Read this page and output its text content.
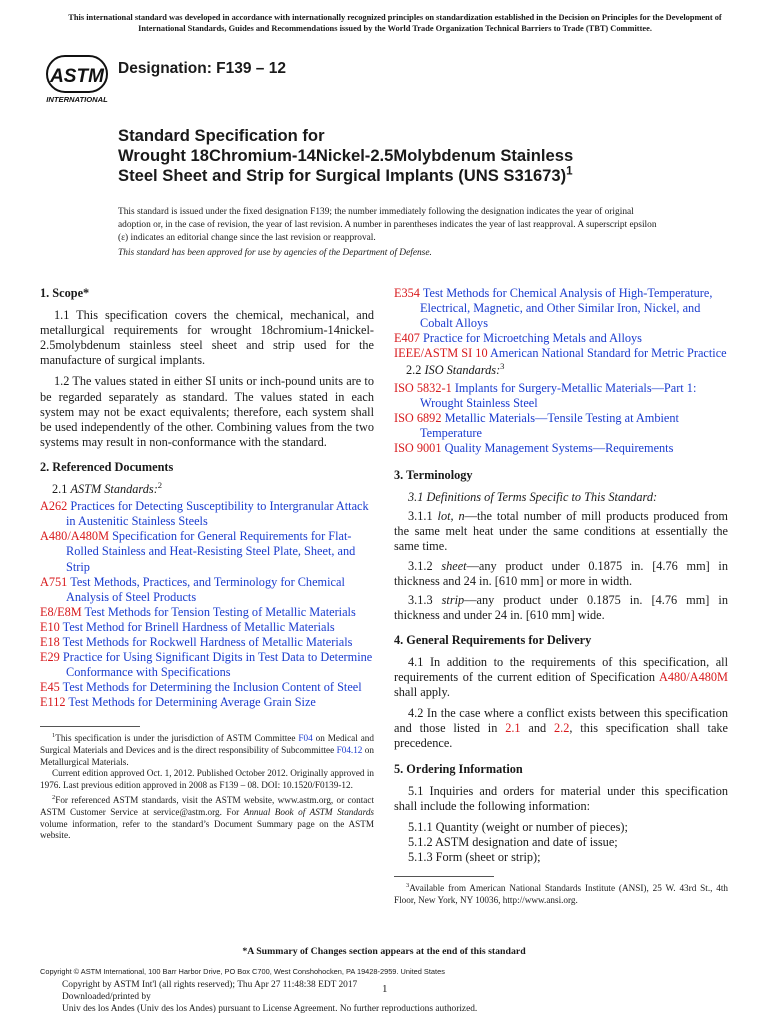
This international standard was developed in accordance with internationally recognized principles on standardization established in the Decision on Principles for the Development of International Standards, Guides and Recommendations issued by the World Trade Organization Technical Barriers to Trade (TBT) Committee.
ASTM
INTERNATIONAL
Designation: F139 – 12
Standard Specification for
Wrought 18Chromium-14Nickel-2.5Molybdenum Stainless
Steel Sheet and Strip for Surgical Implants (UNS S31673)$^1$
This standard is issued under the fixed designation F139; the number immediately following the designation indicates the year of original adoption or, in the case of revision, the year of last revision. A number in parentheses indicates the year of last reapproval. A superscript epsilon (ε) indicates an editorial change since the last revision or reapproval.
This standard has been approved for use by agencies of the Department of Defense.
1. Scope*

1.1 This specification covers the chemical, mechanical, and metallurgical requirements for wrought 18chromium-14nickel-2.5molybdenum stainless steel sheet and strip used for the manufacture of surgical implants.

1.2 The values stated in either SI units or inch-pound units are to be regarded separately as standard. The values stated in each system may not be exact equivalents; therefore, each system shall be used independently of the other. Combining values from the two systems may result in non-conformance with the standard.

2. Referenced Documents

2.1 ASTM Standards:$^2$

A262 Practices for Detecting Susceptibility to Intergranular Attack in Austenitic Stainless Steels

A480/A480M Specification for General Requirements for Flat-Rolled Stainless and Heat-Resisting Steel Plate, Sheet, and Strip

A751 Test Methods, Practices, and Terminology for Chemical Analysis of Steel Products

E8/E8M Test Methods for Tension Testing of Metallic Materials

E10 Test Method for Brinell Hardness of Metallic Materials

E18 Test Methods for Rockwell Hardness of Metallic Materials

E29 Practice for Using Significant Digits in Test Data to Determine Conformance with Specifications

E45 Test Methods for Determining the Inclusion Content of Steel

E112 Test Methods for Determining Average Grain Size

$^1$This specification is under the jurisdiction of ASTM Committee F04 on Medical and Surgical Materials and Devices and is the direct responsibility of Subcommittee F04.12 on Metallurgical Materials.

Current edition approved Oct. 1, 2012. Published October 2012. Originally approved in 1976. Last previous edition approved in 2008 as F139 – 08. DOI: 10.1520/F0139-12.

$^2$For referenced ASTM standards, visit the ASTM website, www.astm.org, or contact ASTM Customer Service at service@astm.org. For Annual Book of ASTM Standards volume information, refer to the standard’s Document Summary page on the ASTM website.

E354 Test Methods for Chemical Analysis of High-Temperature, Electrical, Magnetic, and Other Similar Iron, Nickel, and Cobalt Alloys

E407 Practice for Microetching Metals and Alloys

IEEE/ASTM SI 10 American National Standard for Metric Practice

2.2 ISO Standards:$^3$

ISO 5832-1 Implants for Surgery-Metallic Materials—Part 1: Wrought Stainless Steel

ISO 6892 Metallic Materials—Tensile Testing at Ambient Temperature

ISO 9001 Quality Management Systems—Requirements

3. Terminology

3.1 Definitions of Terms Specific to This Standard:

3.1.1 lot, n—the total number of mill products produced from the same melt heat under the same conditions at essentially the same time.

3.1.2 sheet—any product under 0.1875 in. [4.76 mm] in thickness and 24 in. [610 mm] or more in width.

3.1.3 strip—any product under 0.1875 in. [4.76 mm] in thickness and under 24 in. [610 mm] wide.

4. General Requirements for Delivery

4.1 In addition to the requirements of this specification, all requirements of the current edition of Specification A480/A480M shall apply.

4.2 In the case where a conflict exists between this specification and those listed in 2.1 and 2.2, this specification shall take precedence.

5. Ordering Information

5.1 Inquiries and orders for material under this specification shall include the following information:

5.1.1 Quantity (weight or number of pieces);

5.1.2 ASTM designation and date of issue;

5.1.3 Form (sheet or strip);

$^3$Available from American National Standards Institute (ANSI), 25 W. 43rd St., 4th Floor, New York, NY 10036, http://www.ansi.org.

*A Summary of Changes section appears at the end of this standard
Copyright © ASTM International, 100 Barr Harbor Drive, PO Box C700, West Conshohocken, PA 19428-2959. United States
Copyright by ASTM Int'l (all rights reserved); Thu Apr 27 11:48:38 EDT 2017
Downloaded/printed by
Univ des los Andes (Univ des los Andes) pursuant to License Agreement. No further reproductions authorized.
1
